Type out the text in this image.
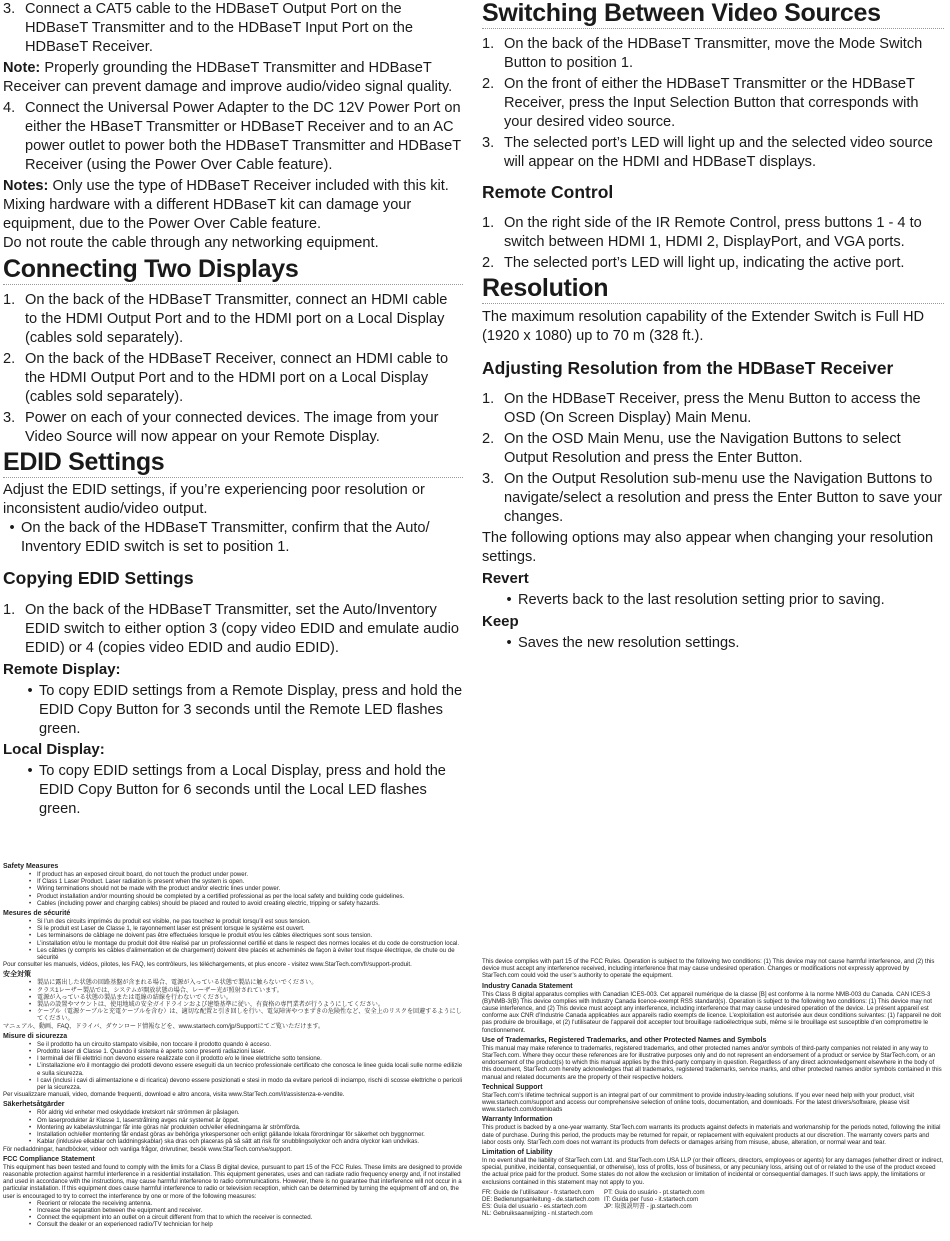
3. Connect a CAT5 cable to the HDBaseT Output Port on the HDBaseT Transmitter and to the HDBaseT Input Port on the HDBaseT Receiver.

Note: Properly grounding the HDBaseT Transmitter and HDBaseT Receiver can prevent damage and improve audio/video signal quality.

4. Connect the Universal Power Adapter to the DC 12V Power Port on either the HBaseT Transmitter or HDBaseT Receiver and to an AC power outlet to power both the HDBaseT Transmitter and HDBaseT Receiver (using the Power Over Cable feature).

Notes: Only use the type of HDBaseT Receiver included with this kit. Mixing hardware with a different HDBaseT kit can damage your equipment, due to the Power Over Cable feature.

Do not route the cable through any networking equipment.

Connecting Two Displays
1. On the back of the HDBaseT Transmitter, connect an HDMI cable to the HDMI Output Port and to the HDMI port on a Local Display (cables sold separately).
2. On the back of the HDBaseT Receiver, connect an HDMI cable to the HDMI Output Port and to the HDMI port on a Local Display (cables sold separately).
3. Power on each of your connected devices. The image from your Video Source will now appear on your Remote Display.
EDID Settings

Adjust the EDID settings, if you’re experiencing poor resolution or inconsistent audio/video output.

• On the back of the HDBaseT Transmitter, confirm that the Auto/ Inventory EDID switch is set to position 1.
Copying EDID Settings
1. On the back of the HDBaseT Transmitter, set the Auto/Inventory EDID switch to either option 3 (copy video EDID and emulate audio EDID) or 4 (copies video EDID and audio EDID).
Remote Display:
• To copy EDID settings from a Remote Display, press and hold the EDID Copy Button for 3 seconds until the Remote LED flashes green.
Local Display:
• To copy EDID settings from a Local Display, press and hold the EDID Copy Button for 6 seconds until the Local LED flashes green.
Switching Between Video Sources
1. On the back of the HDBaseT Transmitter, move the Mode Switch Button to position 1.
2. On the front of either the HDBaseT Transmitter or the HDBaseT Receiver, press the Input Selection Button that corresponds with your desired video source.
3. The selected port’s LED will light up and the selected video source will appear on the HDMI and HDBaseT displays.
Remote Control
1. On the right side of the IR Remote Control, press buttons 1 - 4 to switch between HDMI 1, HDMI 2, DisplayPort, and VGA ports.
2. The selected port’s LED will light up, indicating the active port.
Resolution

The maximum resolution capability of the Extender Switch is Full HD (1920 x 1080) up to 70 m (328 ft.).

Adjusting Resolution from the HDBaseT Receiver
1. On the HDBaseT Receiver, press the Menu Button to access the OSD (On Screen Display) Main Menu.
2. On the OSD Main Menu, use the Navigation Buttons to select Output Resolution and press the Enter Button.
3. On the Output Resolution sub-menu use the Navigation Buttons to navigate/select a resolution and press the Enter Button to save your changes.

The following options may also appear when changing your resolution settings.

Revert
• Reverts back to the last resolution setting prior to saving.
Keep
• Saves the new resolution settings.
Safety Measures
• If product has an exposed circuit board, do not touch the product under power.
• If Class 1 Laser Product. Laser radiation is present when the system is open.
• Wiring terminations should not be made with the product and/or electric lines under power.
• Product installation and/or mounting should be completed by a certified professional as per the local safety and building code guidelines.
• Cables (including power and charging cables) should be placed and routed to avoid creating electric, tripping or safety hazards.
Mesures de sécurité
• Si l’un des circuits imprimés du produit est visible, ne pas touchez le produit lorsqu’il est sous tension.
• Si le produit est Laser de Classe 1, le rayonnement laser est présent lorsque le système est ouvert.
• Les terminaisons de câblage ne doivent pas être effectuées lorsque le produit et/ou les câbles électriques sont sous tension.
• L’installation et/ou le montage du produit doit être réalisé par un professionnel certifié et dans le respect des normes locales et du code de construction local.
• Les câbles (y compris les câbles d’alimentation et de chargement) doivent être placés et acheminés de façon à éviter tout risque électrique, de chute ou de sécurité

Pour consulter les manuels, vidéos, pilotes, les FAQ, les contrôleurs, les téléchargements, et plus encore - visitez www.StarTech.com/fr/support-produit.

安全対策
• 製品に露出した状態の回路基盤が含まれる場合、電源が入っている状態で製品に触らないでください。
• クラス1レーザー製品では、システムが開放状態の場合、レーザー光が照射されています。
• 電源が入っている状態の製品または電線の結線を行わないでください。
• 製品の設置やマウントは、使用地域の安全ガイドラインおよび建築基準に従い、有資格の専門業者が行うようにしてください。
• ケーブル（電源ケーブルと充電ケーブルを含む）は、適切な配置と引き回しを行い、電気障害やつまずきの危険性など、安全上のリスクを回避するようにしてください。

マニュアル、動画、FAQ、ドライバ、ダウンロード情報などを、www.startech.com/jp/Supportにてご覧いただけます。

Misure di sicurezza
• Se il prodotto ha un circuito stampato visibile, non toccare il prodotto quando è acceso.
• Prodotto laser di Classe 1. Quando il sistema è aperto sono presenti radiazioni laser.
• I terminali dei fili elettrici non devono essere realizzate con il prodotto e/o le linee elettriche sotto tensione.
• L’installazione e/o il montaggio dei prodotti devono essere eseguiti da un tecnico professionale certificato che conosca le linee guida locali sulle norme edilizie e sulla sicurezza.
• I cavi (inclusi i cavi di alimentazione e di ricarica) devono essere posizionati e stesi in modo da evitare pericoli di inciampo, rischi di scosse elettriche o pericoli per la sicurezza.

Per visualizzare manuali, video, domande frequenti, download e altro ancora, visita www.StarTech.com/it/assistenza-e-vendite.

Säkerhetsåtgärder
• Rör aldrig vid enheter med oskyddade kretskort när strömmen är påslagen.
• Om laserprodukter är Klasse 1, laserstrålning avges när systemet är öppet.
• Montering av kabelavslutningar får inte göras när produkten och/eller elledningarna är strömförda.
• Installation och/eller montering får endast göras av behöriga yrkespersoner och enligt gällande lokala förordningar för säkerhet och byggnormer.
• Kablar (inklusive elkablar och laddningskablar) ska dras och placeras på så sätt att risk för snubblingsolyckor och andra olyckor kan undvikas.

För nedladdningar, handböcker, videor och vanliga frågor, drivrutiner, besök www.StarTech.com/se/support.

FCC Compliance Statement

This equipment has been tested and found to comply with the limits for a Class B digital device, pursuant to part 15 of the FCC Rules. These limits are designed to provide reasonable protection against harmful interference in a residential installation. This equipment generates, uses and can radiate radio frequency energy and, if not installed and used in accordance with the instructions, may cause harmful interference to radio communications. However, there is no guarantee that interference will not occur in a particular installation. If this equipment does cause harmful interference to radio or television reception, which can be determined by turning the equipment off and on, the user is encouraged to try to correct the interference by one or more of the following measures:

• Reorient or relocate the receiving antenna.
• Increase the separation between the equipment and receiver.
• Connect the equipment into an outlet on a circuit different from that to which the receiver is connected.
• Consult the dealer or an experienced radio/TV technician for help

This device complies with part 15 of the FCC Rules. Operation is subject to the following two conditions: (1) This device may not cause harmful interference, and (2) this device must accept any interference received, including interference that may cause undesired operation. Changes or modifications not expressly approved by StarTech.com could void the user’s authority to operate the equipment.

Industry Canada Statement

This Class B digital apparatus complies with Canadian ICES-003. Cet appareil numérique de la classe [B] est conforme à la norme NMB-003 du Canada. CAN ICES-3 (B)/NMB-3(B) This device complies with Industry Canada licence-exempt RSS standard(s). Operation is subject to the following two conditions: (1) This device may not cause interference, and (2) This device must accept any interference, including interference that may cause undesired operation of the device. Le présent appareil est conforme aux CNR d’Industrie Canada applicables aux appareils radio exempts de licence. L’exploitation est autorisée aux deux conditions suivantes: (1) l’appareil ne doit pas produire de brouillage, et (2) l’utilisateur de l’appareil doit accepter tout brouillage radioélectrique subi, même si le brouillage est susceptible d’en compromettre le fonctionnement.

Use of Trademarks, Registered Trademarks, and other Protected Names and Symbols

This manual may make reference to trademarks, registered trademarks, and other protected names and/or symbols of third-party companies not related in any way to StarTech.com. Where they occur these references are for illustrative purposes only and do not represent an endorsement of a product or service by StarTech.com, or an endorsement of the product(s) to which this manual applies by the third-party company in question. Regardless of any direct acknowledgement elsewhere in the body of this document, StarTech.com hereby acknowledges that all trademarks, registered trademarks, service marks, and other protected names and/or symbols contained in this manual and related documents are the property of their respective holders.

Technical Support

StarTech.com’s lifetime technical support is an integral part of our commitment to provide industry-leading solutions. If you ever need help with your product, visit www.startech.com/support and access our comprehensive selection of online tools, documentation, and downloads. For the latest drivers/software, please visit www.startech.com/downloads

Warranty Information

This product is backed by a one-year warranty. StarTech.com warrants its products against defects in materials and workmanship for the periods noted, following the initial date of purchase. During this period, the products may be returned for repair, or replacement with equivalent products at our discretion. The warranty covers parts and labor costs only. StarTech.com does not warrant its products from defects or damages arising from misuse, abuse, alteration, or normal wear and tear.

Limitation of Liability

In no event shall the liability of StarTech.com Ltd. and StarTech.com USA LLP (or their officers, directors, employees or agents) for any damages (whether direct or indirect, special, punitive, incidental, consequential, or otherwise), loss of profits, loss of business, or any pecuniary loss, arising out of or related to the use of the product exceed the actual price paid for the product. Some states do not allow the exclusion or limitation of incidental or consequential damages. If such laws apply, the limitations or exclusions contained in this statement may not apply to you.

FR: Guide de l’utilisateur - fr.startech.com	PT: Guia do usuário - pt.startech.com
DE: Bedienungsanleitung - de.startech.com IT: Guida per l’uso - it.startech.com
ES: Guía del usuario - es.startech.com	JP: 取扱説明書 - jp.startech.com
NL: Gebruiksaanwijzing - nl.startech.com
